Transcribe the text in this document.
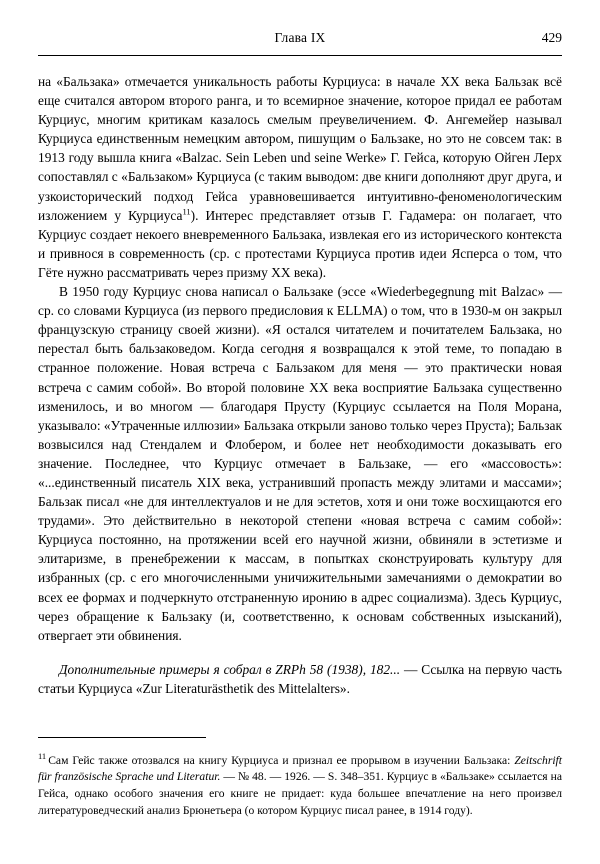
Глава IX	429

на «Бальзака» отмечается уникальность работы Курциуса: в начале XX века Бальзак всё еще считался автором второго ранга, и то всемирное значение, которое придал ее работам Курциус, многим критикам казалось смелым преувеличением. Ф. Ангемейер называл Курциуса единственным немецким автором, пишущим о Бальзаке, но это не совсем так: в 1913 году вышла книга «Balzac. Sein Leben und seine Werke» Г. Гейса, которую Ойген Лерх сопоставлял с «Бальзаком» Курциуса (с таким выводом: две книги дополняют друг друга, и узкоисторический подход Гейса уравновешивается интуитивно-феноменологическим изложением у Курциуса$^{11}$). Интерес представляет отзыв Г. Гадамера: он полагает, что Курциус создает некоего вневременного Бальзака, извлекая его из исторического контекста и привнося в современность (ср. с протестами Курциуса против идеи Ясперса о том, что Гёте нужно рассматривать через призму XX века).

В 1950 году Курциус снова написал о Бальзаке (эссе «Wiederbegegnung mit Balzac» — ср. со словами Курциуса (из первого предисловия к ELLMA) о том, что в 1930-м он закрыл французскую страницу своей жизни). «Я остался читателем и почитателем Бальзака, но перестал быть бальзаковедом. Когда сегодня я возвращался к этой теме, то попадаю в странное положение. Новая встреча с Бальзаком для меня — это практически новая встреча с самим собой». Во второй половине XX века восприятие Бальзака существенно изменилось, и во многом — благодаря Прусту (Курциус ссылается на Поля Морана, указывало: «Утраченные иллюзии» Бальзака открыли заново только через Пруста); Бальзак возвысился над Стендалем и Флобером, и более нет необходимости доказывать его значение. Последнее, что Курциус отмечает в Бальзаке, — его «массовость»: «...единственный писатель XIX века, устранивший пропасть между элитами и массами»; Бальзак писал «не для интеллектуалов и не для эстетов, хотя и они тоже восхищаются его трудами». Это действительно в некоторой степени «новая встреча с самим собой»: Курциуса постоянно, на протяжении всей его научной жизни, обвиняли в эстетизме и элитаризме, в пренебрежении к массам, в попытках сконструировать культуру для избранных (ср. с его многочисленными уничижительными замечаниями о демократии во всех ее формах и подчеркнуто отстраненную иронию в адрес социализма). Здесь Курциус, через обращение к Бальзаку (и, соответственно, к основам собственных изысканий), отвергает эти обвинения.

Дополнительные примеры я собрал в ZRPh 58 (1938), 182... — Ссылка на первую часть статьи Курциуса «Zur Literaturästhetik des Mittelalters».

$^{11}$ Сам Гейс также отозвался на книгу Курциуса и признал ее прорывом в изучении Бальзака: Zeitschrift für französische Sprache und Literatur. — № 48. — 1926. — S. 348–351. Курциус в «Бальзаке» ссылается на Гейса, однако особого значения его книге не придает: куда большее впечатление на него произвел литературоведческий анализ Брюнетьера (о котором Курциус писал ранее, в 1914 году).
